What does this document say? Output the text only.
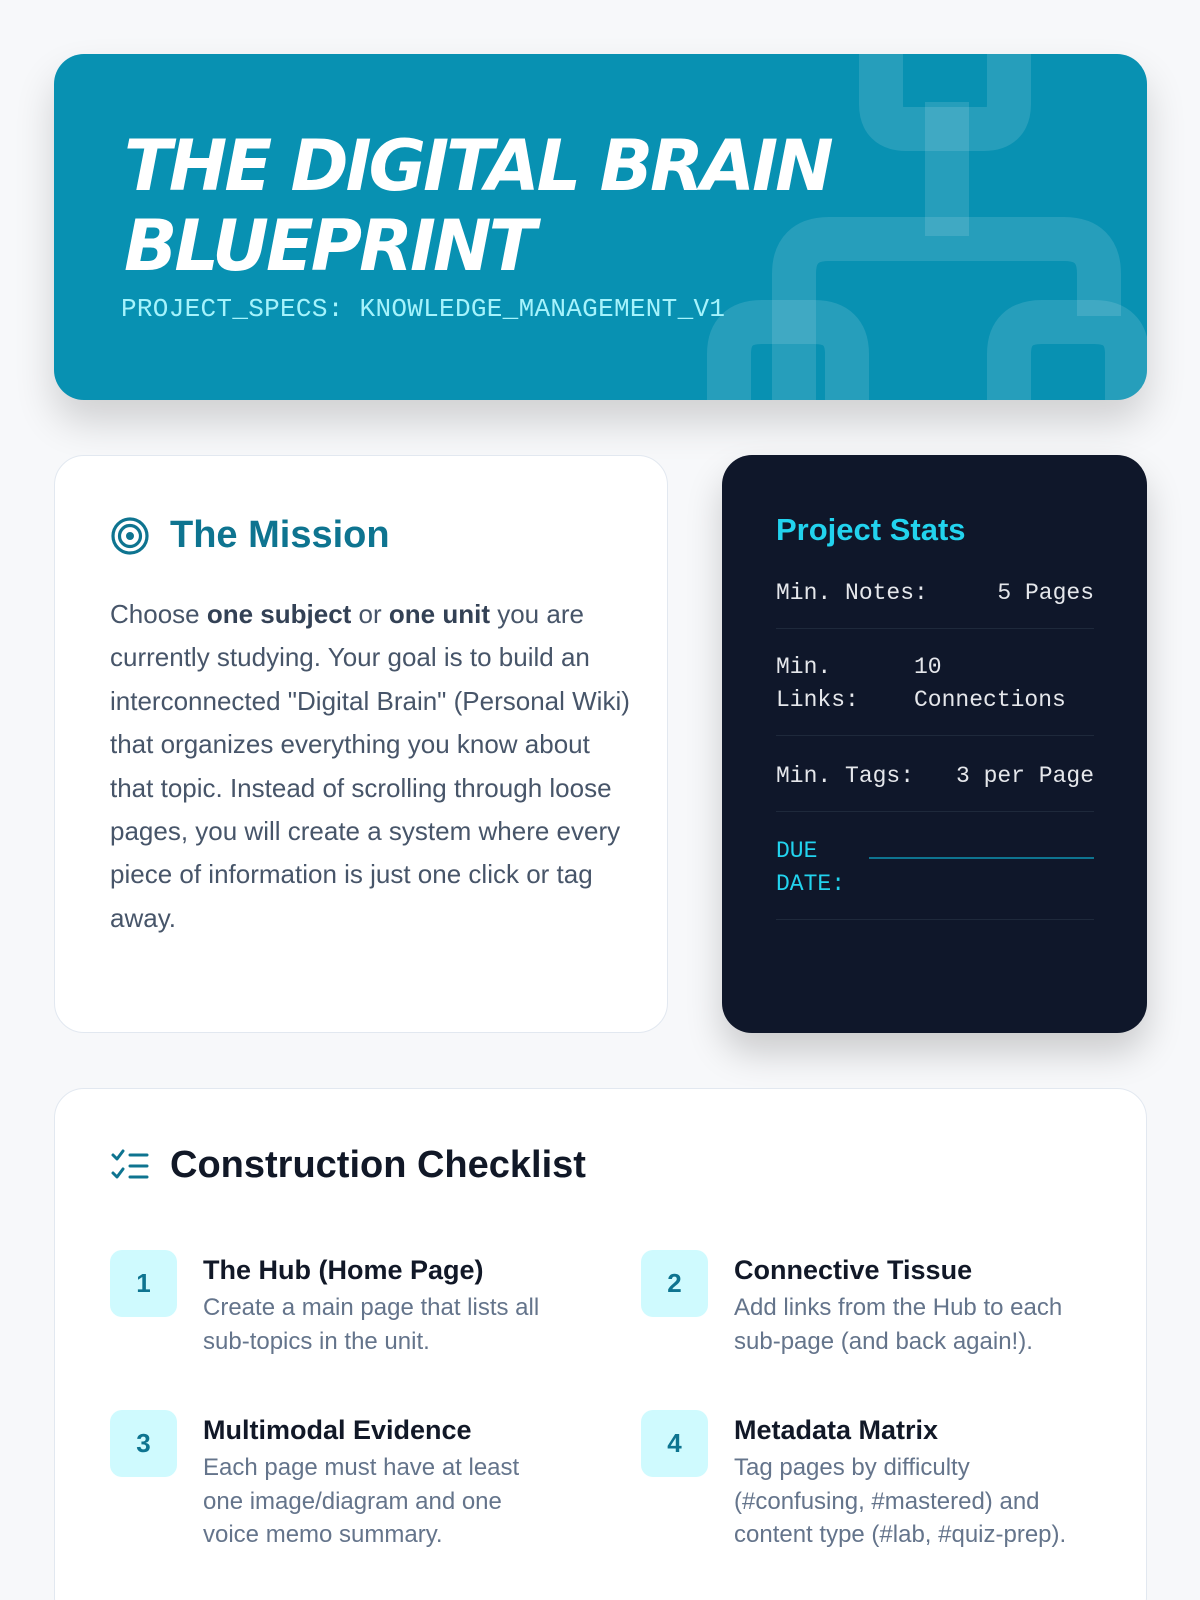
THE DIGITAL BRAIN
BLUEPRINT
PROJECT_SPECS: KNOWLEDGE_MANAGEMENT_V1
The Mission
Choose one subject or one unit you are currently studying. Your goal is to build an interconnected "Digital Brain" (Personal Wiki) that organizes everything you know about that topic. Instead of scrolling through loose pages, you will create a system where every piece of information is just one click or tag away.
Project Stats
Min. Notes:	5 Pages
Min. Links:
10 Connections
Min. Tags: 3 per Page
DUE DATE:
Construction Checklist
1	The Hub (Home Page)
Create a main page that lists all sub-topics in the unit.
2	Connective Tissue
Add links from the Hub to each sub-page (and back again!).
3	Multimodal Evidence
Each page must have at least one image/diagram and one voice memo summary.
4	Metadata Matrix
Tag pages by difficulty (#confusing, #mastered) and content type (#lab, #quiz-prep).
